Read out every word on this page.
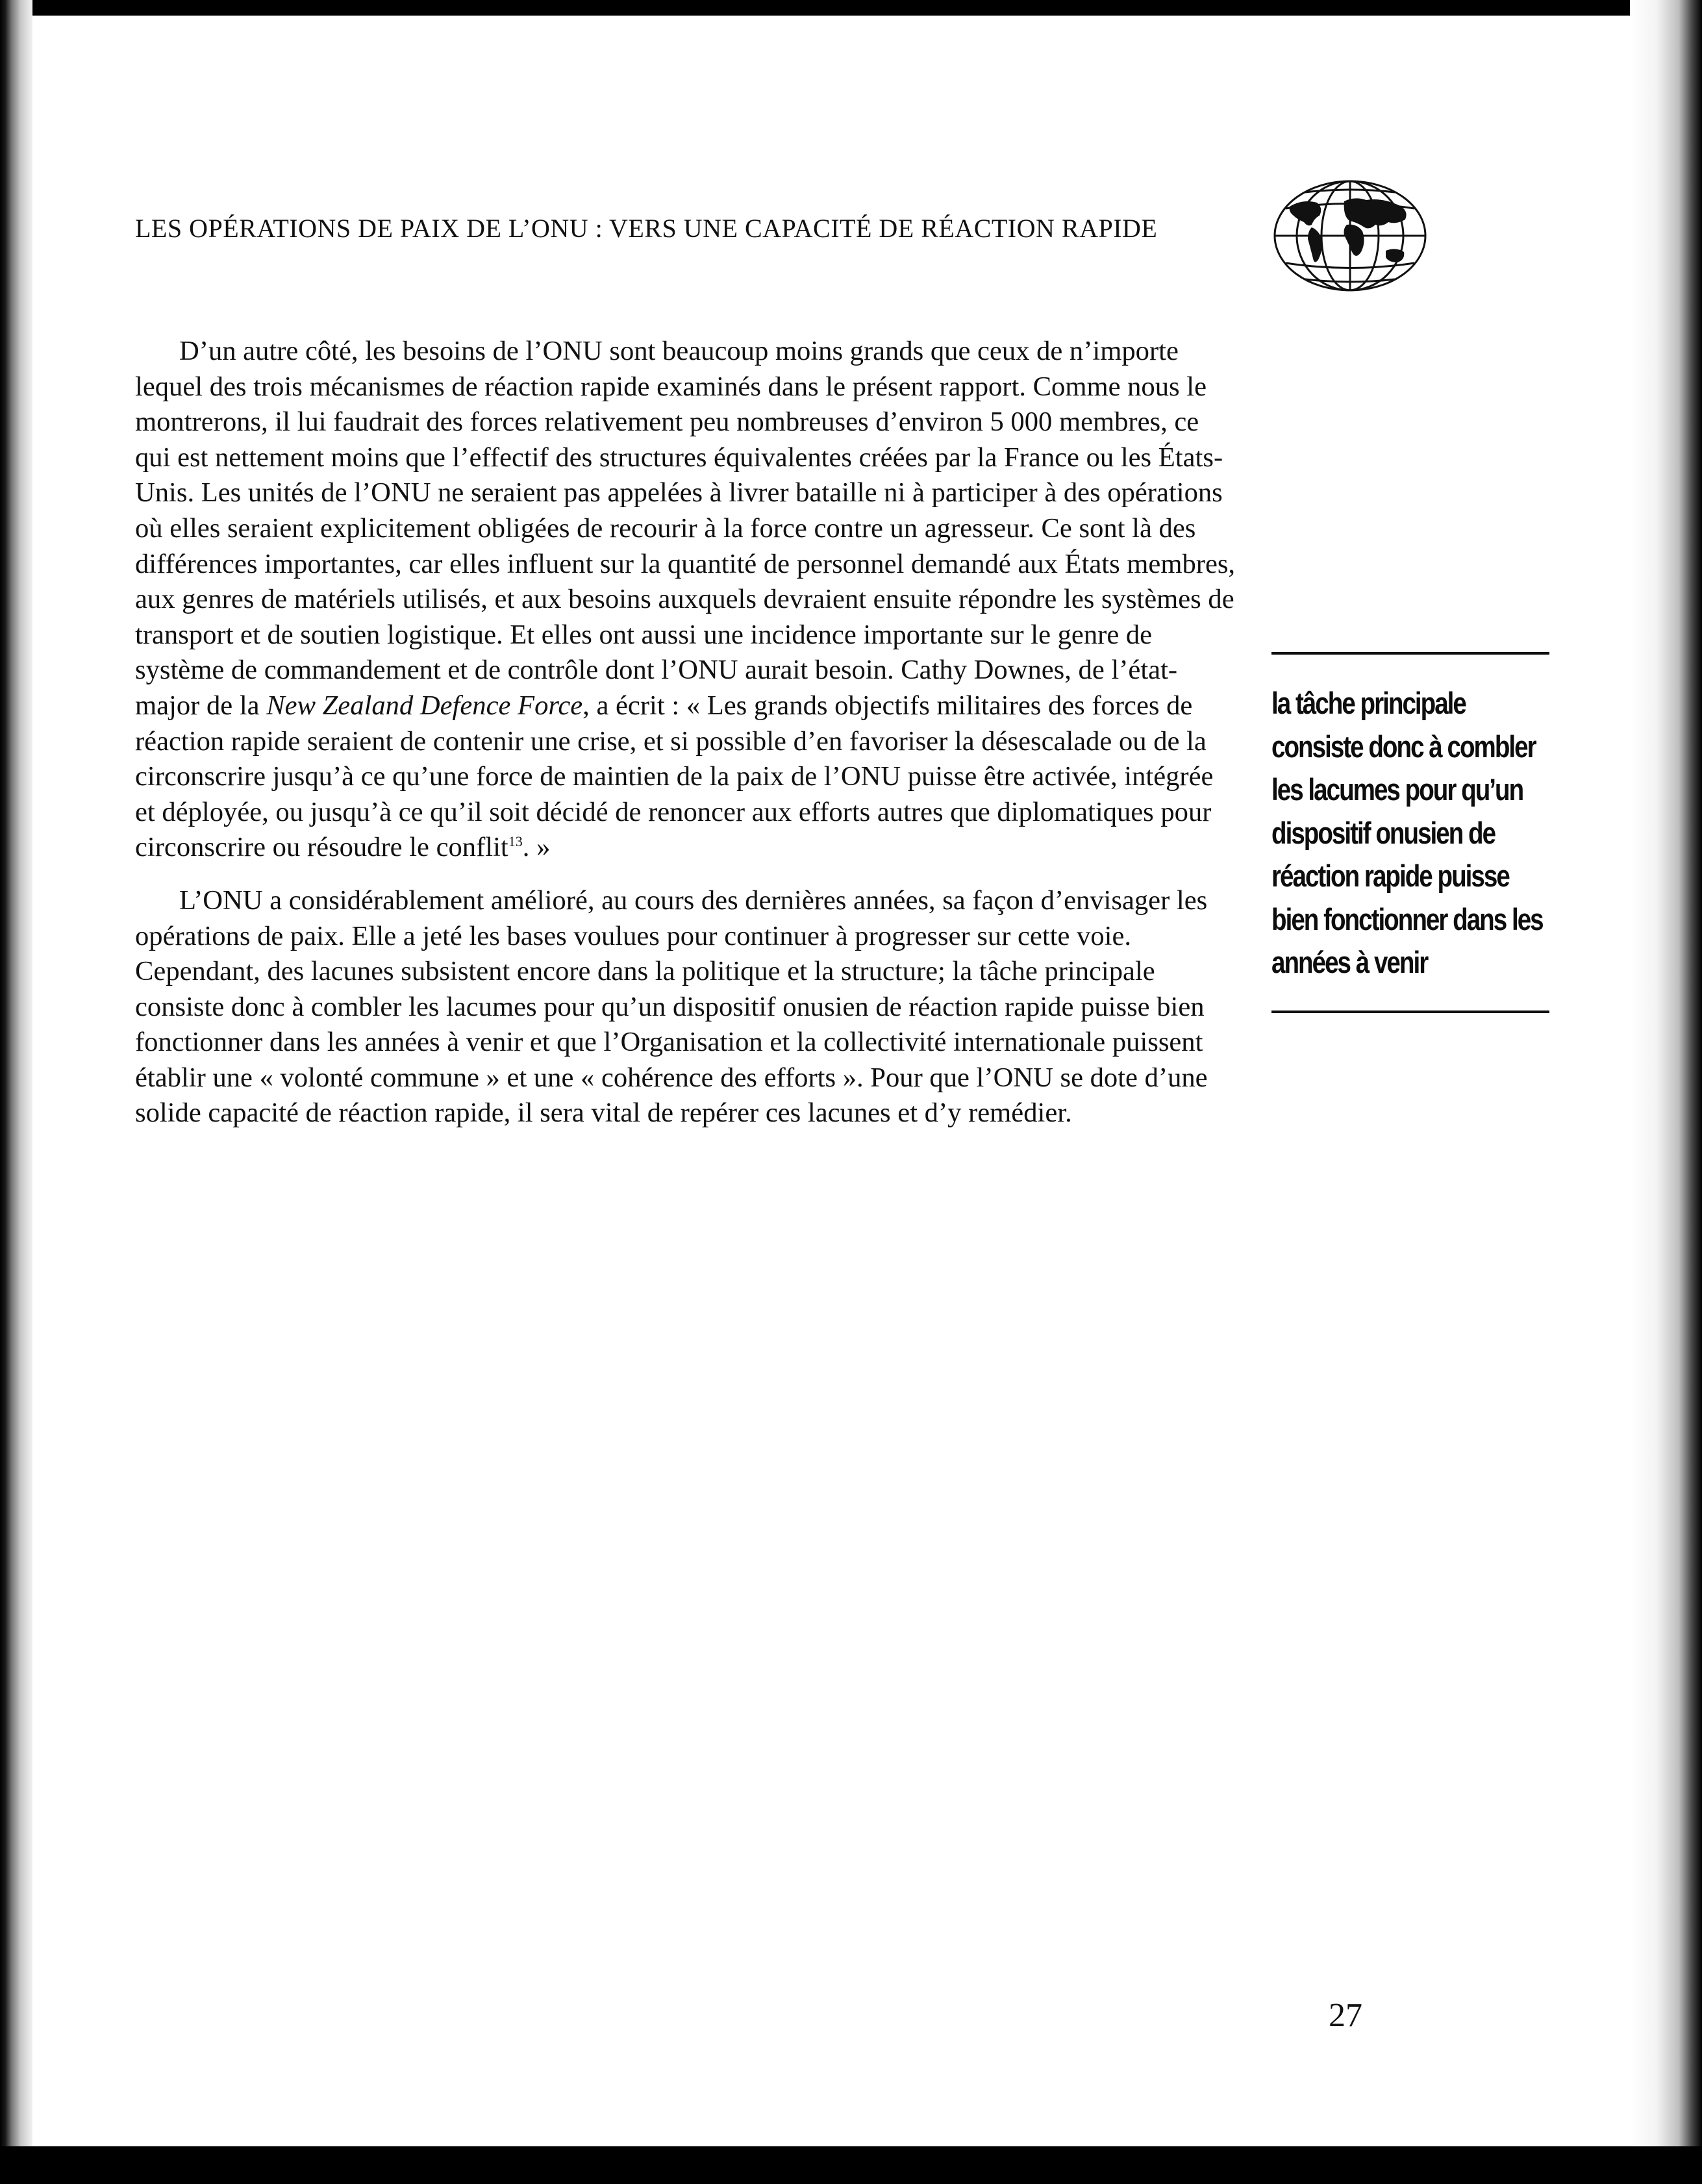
LES OPÉRATIONS DE PAIX DE L’ONU : VERS UNE CAPACITÉ DE RÉACTION RAPIDE

D’un autre côté, les besoins de l’ONU sont beaucoup moins grands que ceux de n’importe lequel des trois mécanismes de réaction rapide examinés dans le présent rapport. Comme nous le montrerons, il lui faudrait des forces relativement peu nombreuses d’environ 5 000 membres, ce qui est nettement moins que l’effectif des structures équivalentes créées par la France ou les États-Unis. Les unités de l’ONU ne seraient pas appelées à livrer bataille ni à participer à des opérations où elles seraient explicitement obligées de recourir à la force contre un agresseur. Ce sont là des différences importantes, car elles influent sur la quantité de personnel demandé aux États membres, aux genres de matériels utilisés, et aux besoins auxquels devraient ensuite répondre les systèmes de transport et de soutien logistique. Et elles ont aussi une incidence importante sur le genre de système de commandement et de contrôle dont l’ONU aurait besoin. Cathy Downes, de l’état-major de la New Zealand Defence Force, a écrit : « Les grands objectifs militaires des forces de réaction rapide seraient de contenir une crise, et si possible d’en favoriser la désescalade ou de la circonscrire jusqu’à ce qu’une force de maintien de la paix de l’ONU puisse être activée, intégrée et déployée, ou jusqu’à ce qu’il soit décidé de renoncer aux efforts autres que diplomatiques pour circonscrire ou résoudre le conflit$^{13}$. »

L’ONU a considérablement amélioré, au cours des dernières années, sa façon d’envisager les opérations de paix. Elle a jeté les bases voulues pour continuer à progresser sur cette voie. Cependant, des lacunes subsistent encore dans la politique et la structure; la tâche principale consiste donc à combler les lacumes pour qu’un dispositif onusien de réaction rapide puisse bien fonctionner dans les années à venir et que l’Organisation et la collectivité internationale puissent établir une « volonté commune » et une « cohérence des efforts ». Pour que l’ONU se dote d’une solide capacité de réaction rapide, il sera vital de repérer ces lacunes et d’y remédier.

la tâche principale
consiste donc à combler
les lacumes pour qu’un
dispositif onusien de
réaction rapide puisse
bien fonctionner dans les
années à venir
27
